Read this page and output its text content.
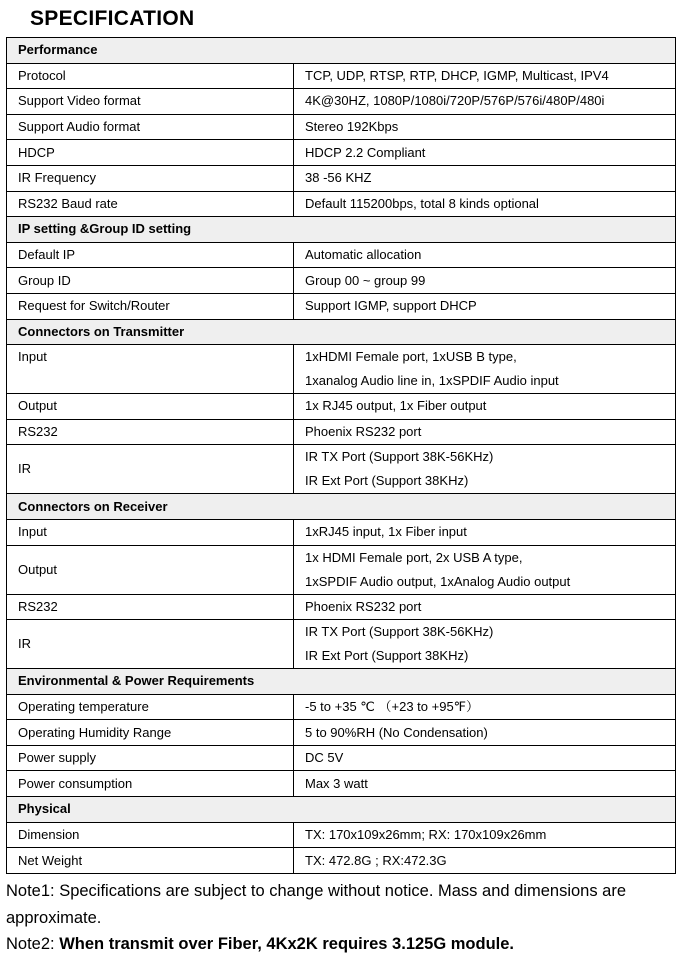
SPECIFICATION
Performance	
Protocol	TCP, UDP, RTSP, RTP, DHCP, IGMP, Multicast, IPV4

Support Video format	4K@30HZ, 1080P/1080i/720P/576P/576i/480P/480i

Support Audio format	Stereo 192Kbps

HDCP	HDCP 2.2 Compliant

IR Frequency	38 -56 KHZ

RS232 Baud rate	Default 115200bps, total 8 kinds optional

IP setting &Group ID setting	
Default IP	Automatic allocation

Group ID	Group 00 ~ group 99

Request for Switch/Router	Support IGMP, support DHCP

Connectors on Transmitter	
Input	1xHDMI Female port, 1xUSB B type,
1xanalog Audio line in, 1xSPDIF Audio input

Output	1x RJ45 output, 1x Fiber output

RS232	Phoenix RS232 port

IR	IR TX Port (Support 38K-56KHz)
IR Ext Port (Support 38KHz)

Connectors on Receiver	
Input	1xRJ45 input, 1x Fiber input

Output	1x HDMI Female port, 2x USB A type,
1xSPDIF Audio output, 1xAnalog Audio output

RS232	Phoenix RS232 port

IR	IR TX Port (Support 38K-56KHz)
IR Ext Port (Support 38KHz)

Environmental & Power Requirements	
Operating temperature	-5 to +35 ℃ （+23 to +95℉）

Operating Humidity Range	5 to 90%RH (No Condensation)

Power supply	DC 5V

Power consumption	Max 3 watt

Physical	
Dimension	TX: 170x109x26mm; RX: 170x109x26mm

Net Weight	TX: 472.8G ; RX:472.3G
Note1: Specifications are subject to change without notice. Mass and dimensions are approximate.
Note2: When transmit over Fiber, 4Kx2K requires 3.125G module.
